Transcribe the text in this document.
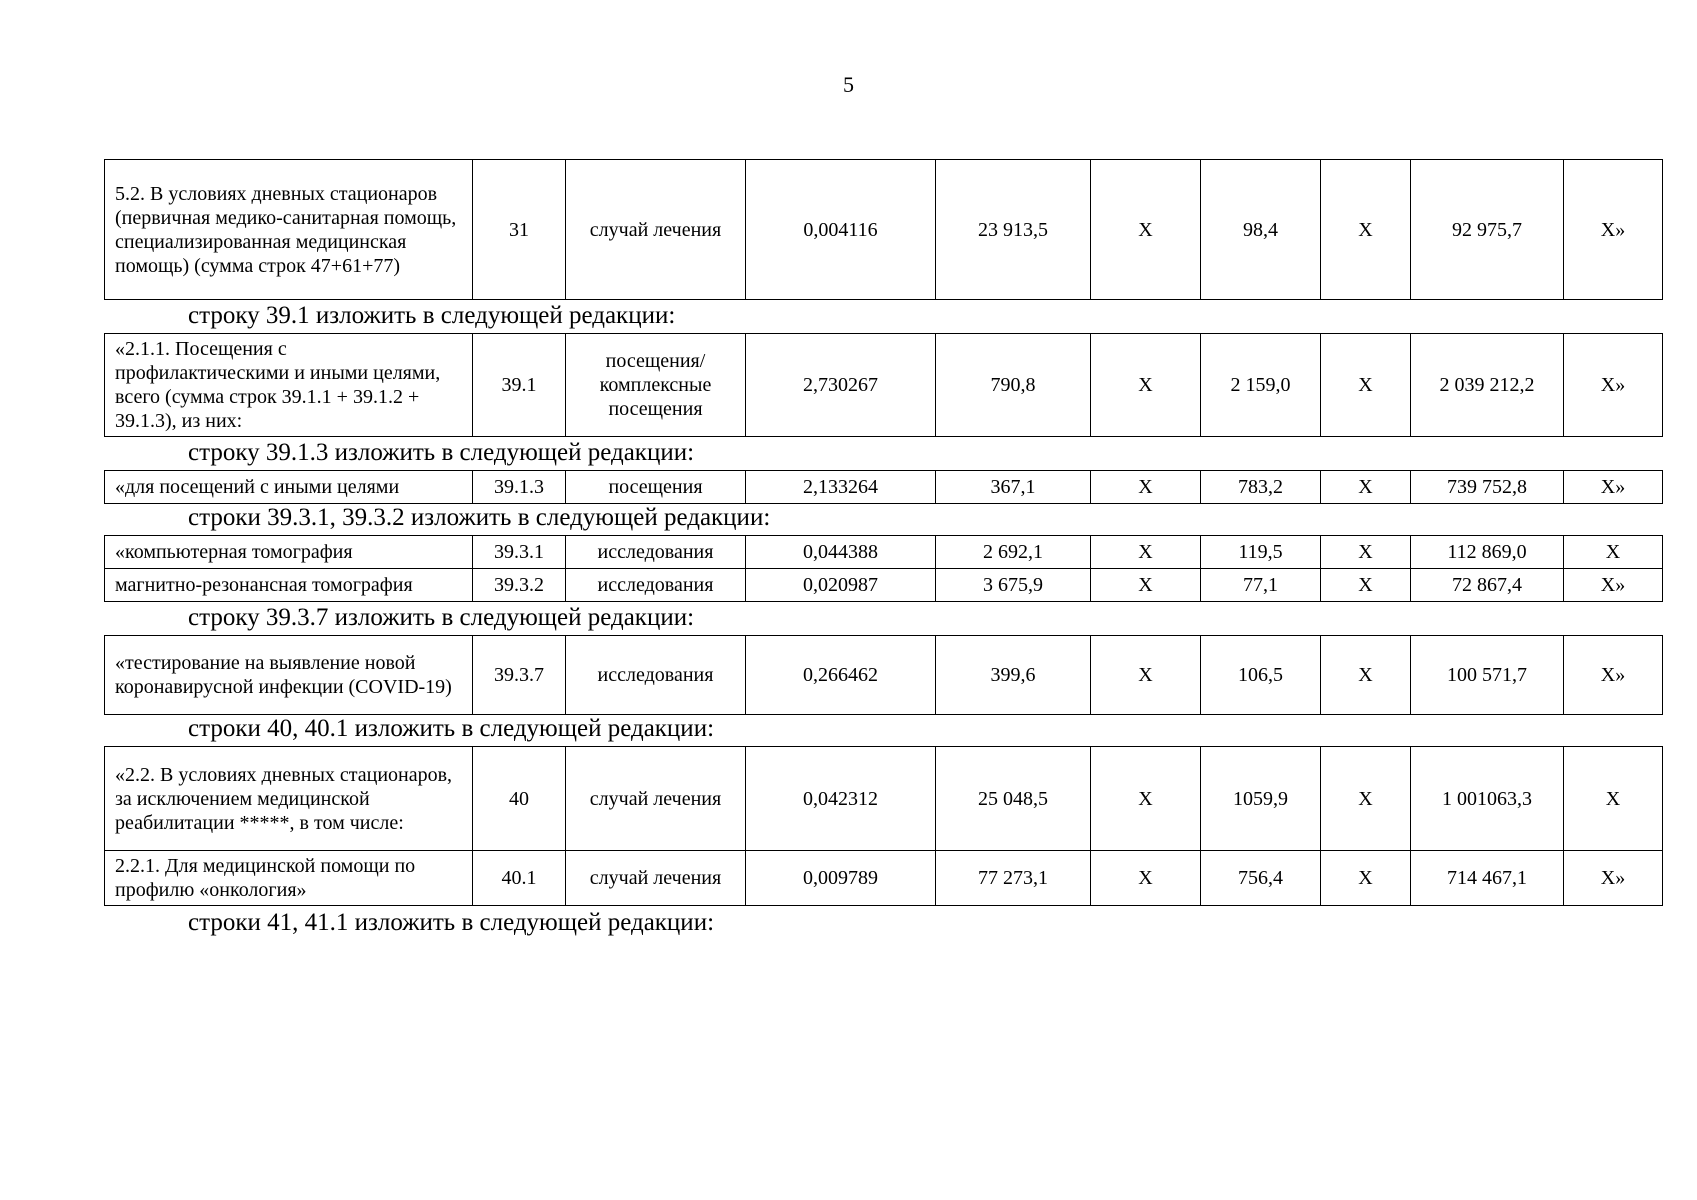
5
5.2. В условиях дневных стационаров (первичная медико-санитарная помощь, специализированная медицинская помощь) (сумма строк 47+61+77)	31	случай лечения	0,004116	23 913,5	X	98,4	X	92 975,7	X»
строку 39.1 изложить в следующей редакции:
«2.1.1. Посещения с профилактическими и иными целями, всего (сумма строк 39.1.1 + 39.1.2 + 39.1.3), из них:	39.1	посещения/ комплексные посещения	2,730267	790,8	X	2 159,0	X	2 039 212,2	X»
строку 39.1.3 изложить в следующей редакции:
«для посещений с иными целями	39.1.3	посещения	2,133264	367,1	X	783,2	X	739 752,8	X»
строки 39.3.1, 39.3.2 изложить в следующей редакции:
«компьютерная томография	39.3.1	исследования	0,044388	2 692,1	X	119,5	X	112 869,0	X
магнитно-резонансная томография	39.3.2	исследования	0,020987	3 675,9	X	77,1	X	72 867,4	X»
строку 39.3.7 изложить в следующей редакции:
«тестирование на выявление новой коронавирусной инфекции (COVID-19)	39.3.7	исследования	0,266462	399,6	X	106,5	X	100 571,7	X»
строки 40, 40.1 изложить в следующей редакции:
«2.2. В условиях дневных стационаров, за исключением медицинской реабилитации *****, в том числе:	40	случай лечения	0,042312	25 048,5	X	1059,9	X	1 001063,3	X
2.2.1. Для медицинской помощи по профилю «онкология»	40.1	случай лечения	0,009789	77 273,1	X	756,4	X	714 467,1	X»
строки 41, 41.1 изложить в следующей редакции:
